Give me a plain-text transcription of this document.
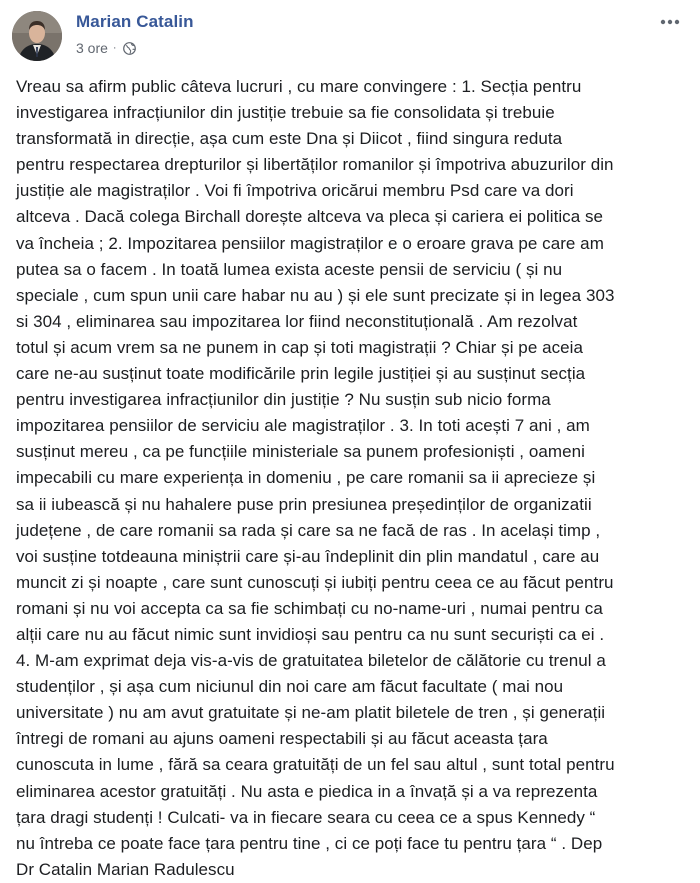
Marian Catalin
3 ore ·
Vreau sa afirm public câteva lucruri , cu mare convingere : 1. Secția pentru
investigarea infracțiunilor din justiție trebuie sa fie consolidata și trebuie
transformată in direcție, așa cum este Dna și Diicot , fiind singura reduta
pentru respectarea drepturilor și libertăților romanilor și împotriva abuzurilor din
justiție ale magistraților . Voi fi împotriva oricărui membru Psd care va dori
altceva . Dacă colega Birchall dorește altceva va pleca și cariera ei politica se
va încheia ; 2. Impozitarea pensiilor magistraților e o eroare grava pe care am
putea sa o facem . In toată lumea exista aceste pensii de serviciu ( și nu
speciale , cum spun unii care habar nu au ) și ele sunt precizate și in legea 303
si 304 , eliminarea sau impozitarea lor fiind neconstituțională . Am rezolvat
totul și acum vrem sa ne punem in cap și toti magistrații ? Chiar și pe aceia
care ne-au susținut toate modificările prin legile justiției și au susținut secția
pentru investigarea infracțiunilor din justiție ? Nu susțin sub nicio forma
impozitarea pensiilor de serviciu ale magistraților . 3. In toti acești 7 ani , am
susținut mereu , ca pe funcțiile ministeriale sa punem profesioniști , oameni
impecabili cu mare experiența in domeniu , pe care romanii sa ii aprecieze și
sa ii iubească și nu hahalere puse prin presiunea președinților de organizatii
județene , de care romanii sa rada și care sa ne facă de ras . In același timp ,
voi susține totdeauna miniștrii care și-au îndeplinit din plin mandatul , care au
muncit zi și noapte , care sunt cunoscuți și iubiți pentru ceea ce au făcut pentru
romani și nu voi accepta ca sa fie schimbați cu no-name-uri , numai pentru ca
alții care nu au făcut nimic sunt invidioși sau pentru ca nu sunt securiști ca ei .
4. M-am exprimat deja vis-a-vis de gratuitatea biletelor de călătorie cu trenul a
studenților , și așa cum niciunul din noi care am făcut facultate ( mai nou
universitate ) nu am avut gratuitate și ne-am platit biletele de tren , și generații
întregi de romani au ajuns oameni respectabili și au făcut aceasta țara
cunoscuta in lume , fără sa ceara gratuități de un fel sau altul , sunt total pentru
eliminarea acestor gratuități . Nu asta e piedica in a învață și a va reprezenta
țara dragi studenți ! Culcati- va in fiecare seara cu ceea ce a spus Kennedy “
nu întreba ce poate face țara pentru tine , ci ce poți face tu pentru țara “ . Dep
Dr Catalin Marian Radulescu
